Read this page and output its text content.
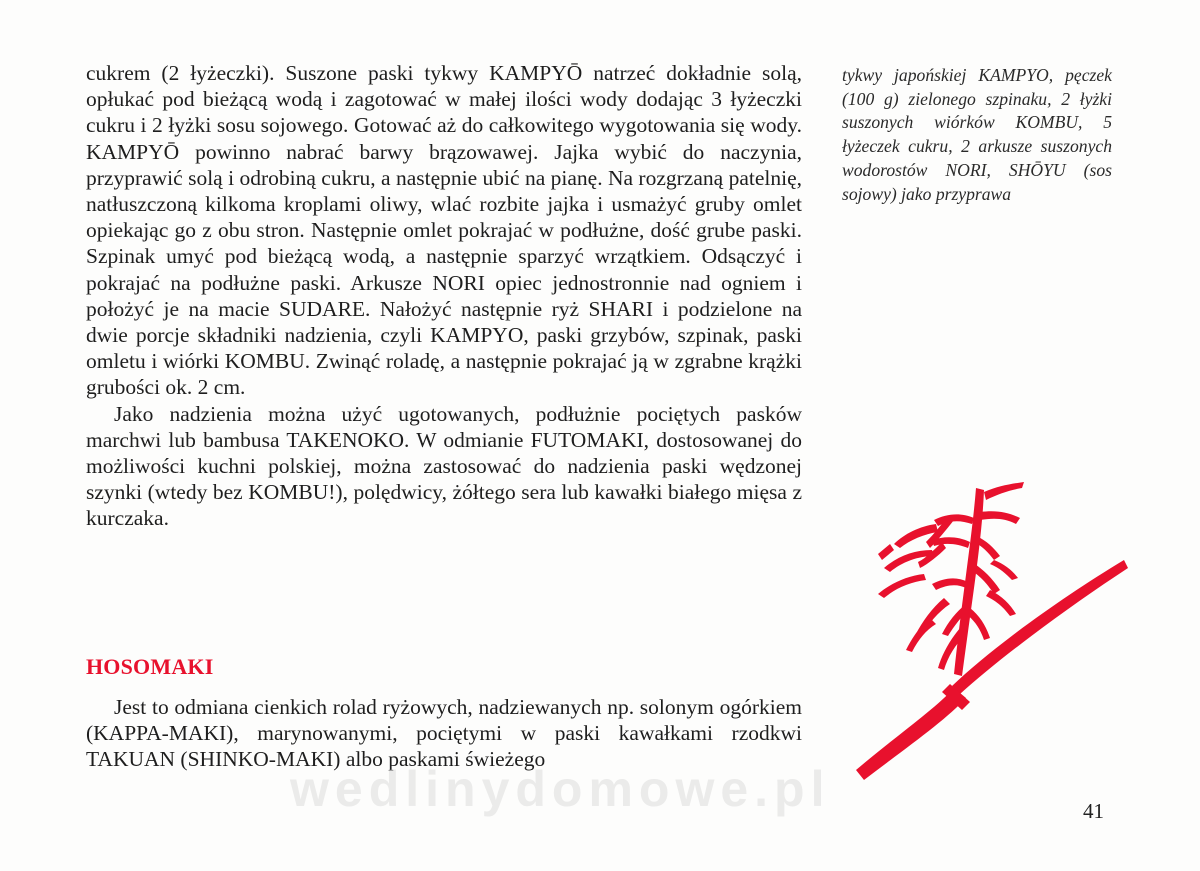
cukrem (2 łyżeczki). Suszone paski tykwy KAMPYŌ natrzeć dokładnie solą, opłukać pod bieżącą wodą i zagotować w małej ilości wody dodając 3 łyżeczki cukru i 2 łyżki sosu sojowego. Gotować aż do całkowitego wygotowania się wody. KAMPYŌ powinno nabrać barwy brązowawej. Jajka wybić do naczynia, przyprawić solą i odrobiną cukru, a następnie ubić na pianę. Na rozgrzaną patelnię, natłuszczoną kilkoma kroplami oliwy, wlać rozbite jajka i usmażyć gruby omlet opiekając go z obu stron. Następnie omlet pokrajać w podłużne, dość grube paski. Szpinak umyć pod bieżącą wodą, a następnie sparzyć wrzątkiem. Odsączyć i pokrajać na podłużne paski. Arkusze NORI opiec jednostronnie nad ogniem i położyć je na macie SUDARE. Nałożyć następnie ryż SHARI i podzielone na dwie porcje składniki nadzienia, czyli KAMPYO, paski grzybów, szpinak, paski omletu i wiórki KOMBU. Zwinąć roladę, a następnie pokrajać ją w zgrabne krążki grubości ok. 2 cm.

Jako nadzienia można użyć ugotowanych, podłużnie pociętych pasków marchwi lub bambusa TAKENOKO. W odmianie FUTOMAKI, dostosowanej do możliwości kuchni polskiej, można zastosować do nadzienia paski wędzonej szynki (wtedy bez KOMBU!), polędwicy, żółtego sera lub kawałki białego mięsa z kurczaka.

tykwy japońskiej KAMPYO, pęczek (100 g) zielonego szpinaku, 2 łyżki suszonych wiórków KOMBU, 5 łyżeczek cukru, 2 arkusze suszonych wodorostów NORI, SHŌYU (sos sojowy) jako przyprawa
HOSOMAKI

Jest to odmiana cienkich rolad ryżowych, nadziewanych np. solonym ogórkiem (KAPPA-MAKI), marynowanymi, pociętymi w paski kawałkami rzodkwi TAKUAN (SHINKO-MAKI) albo paskami świeżego

wedlinydomowe.pl	41
